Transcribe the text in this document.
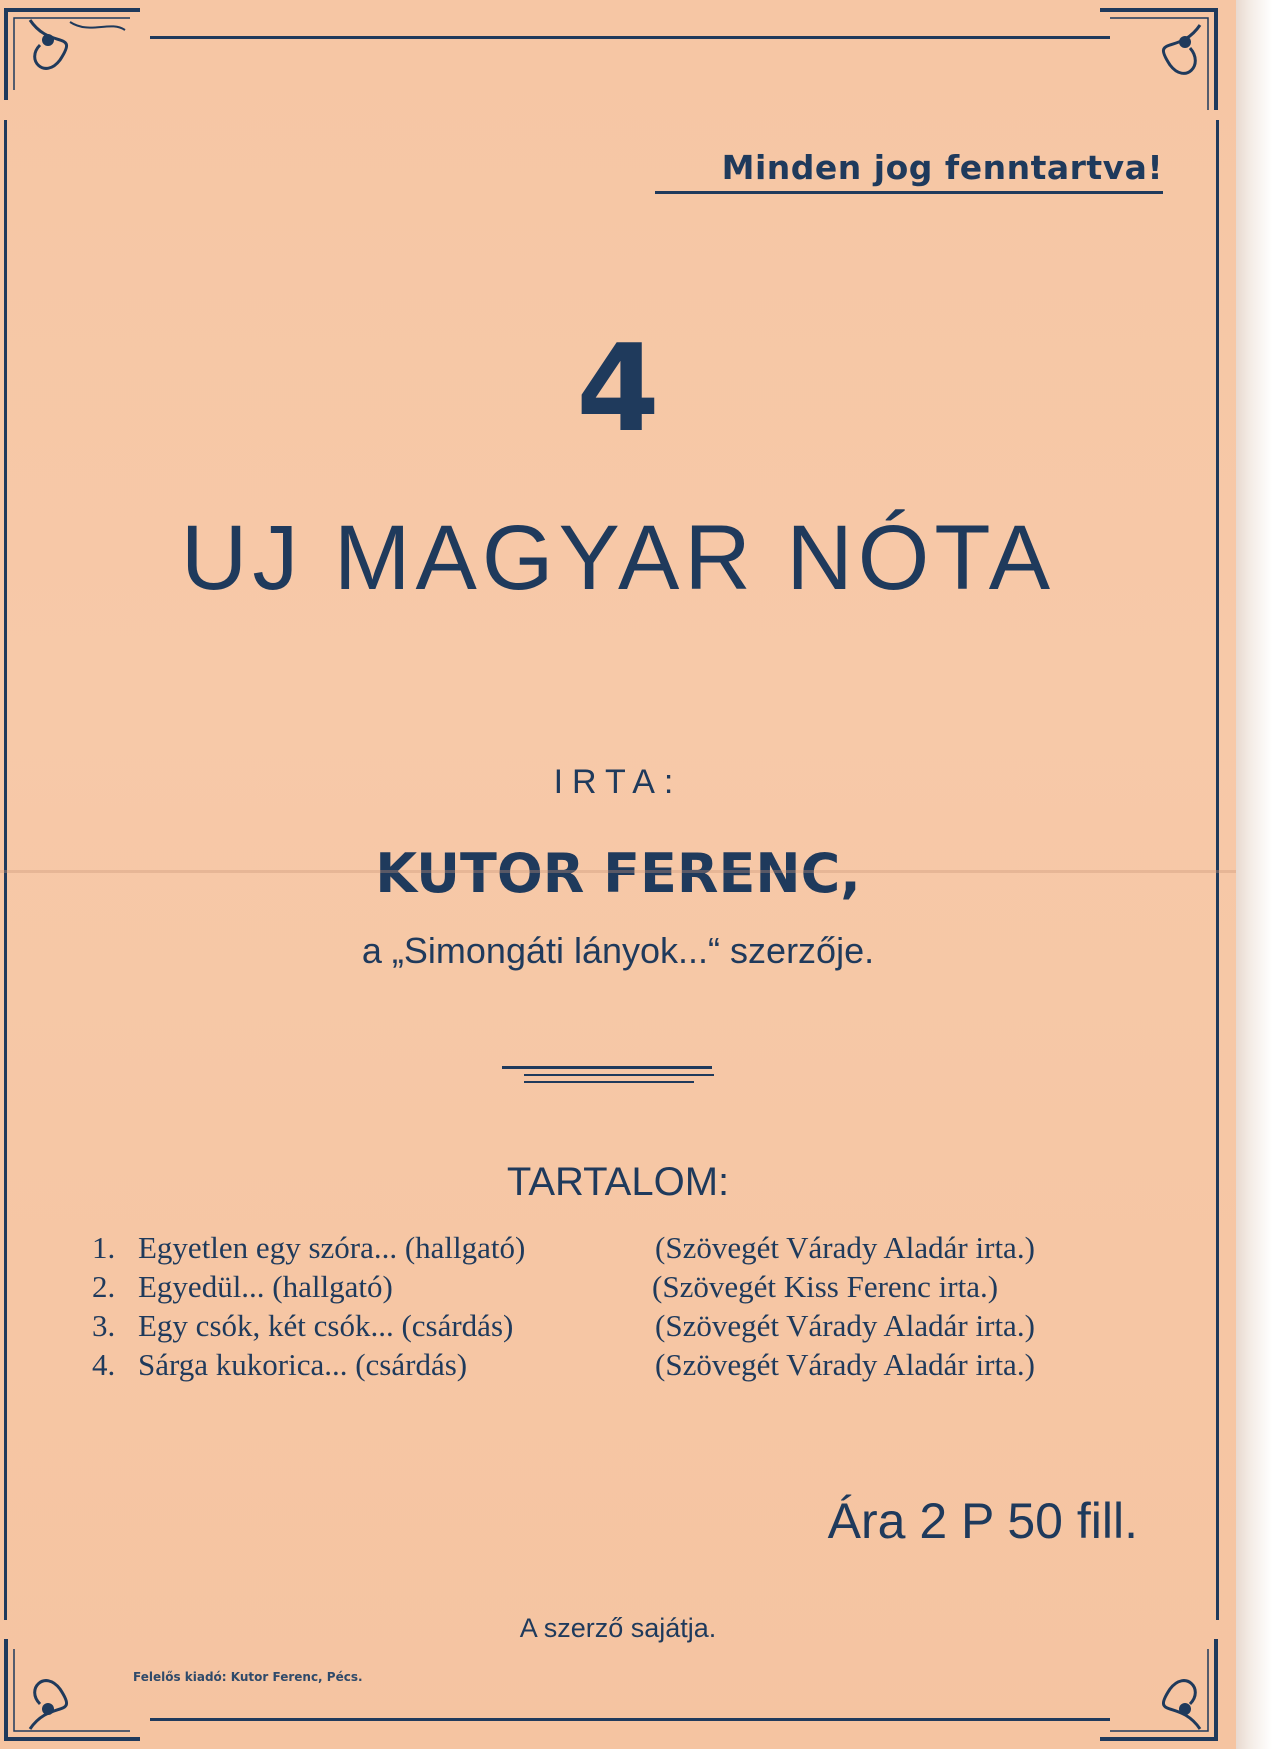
Minden jog fenntartva!
4
UJ MAGYAR NÓTA
IRTA:
KUTOR FERENC,
a „Simongáti lányok...“ szerzője.
TARTALOM:
1. Egyetlen egy szóra... (hallgató)	(Szövegét Várady Aladár irta.)
2. Egyedül... (hallgató)	(Szövegét Kiss Ferenc irta.)
3. Egy csók, két csók... (csárdás)	(Szövegét Várady Aladár irta.)
4. Sárga kukorica... (csárdás)	(Szövegét Várady Aladár irta.)
Ára 2 P 50 fill.
A szerző sajátja.
Felelős kiadó: Kutor Ferenc, Pécs.
